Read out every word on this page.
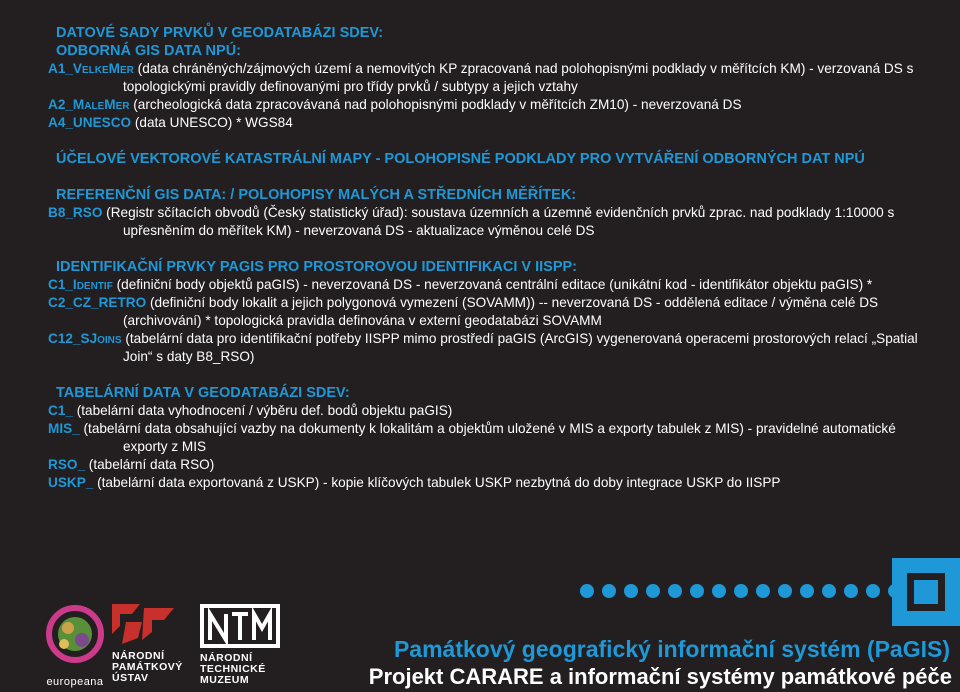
DATOVÉ SADY PRVKŮ V GEODATABÁZI SDEV:
ODBORNÁ GIS DATA NPÚ:
A1_VelkeMer (data chráněných/zájmových území a nemovitých KP zpracovaná nad polohopisnými podklady v měřítcích KM) - verzovaná DS s topologickými pravidly definovanými pro třídy prvků / subtypy a jejich vztahy
A2_MaleMer (archeologická data zpracovávaná nad polohopisnými podklady v měřítcích ZM10) - neverzovaná DS
A4_UNESCO (data UNESCO) * WGS84
ÚČELOVÉ VEKTOROVÉ KATASTRÁLNÍ MAPY - POLOHOPISNÉ PODKLADY PRO VYTVÁŘENÍ ODBORNÝCH DAT NPÚ
REFERENČNÍ GIS DATA: / POLOHOPISY MALÝCH A STŘEDNÍCH MĚŘÍTEK:
B8_RSO (Registr sčítacích obvodů (Český statistický úřad): soustava územních a územně evidenčních prvků zprac. nad podklady 1:10000 s upřesněním do měřítek KM) - neverzovaná DS - aktualizace výměnou celé DS
IDENTIFIKAČNÍ PRVKY PAGIS PRO PROSTOROVOU IDENTIFIKACI V IISPP:
C1_Identif (definiční body objektů paGIS) - neverzovaná DS - neverzovaná centrální editace (unikátní kod - identifikátor objektu paGIS) *
C2_CZ_RETRO (definiční body lokalit a jejich polygonová vymezení (SOVAMM)) -- neverzovaná DS - oddělená editace / výměna celé DS (archivování) * topologická pravidla definována v externí geodatabázi SOVAMM
C12_SJoins (tabelární data pro identifikační potřeby IISPP mimo prostředí paGIS (ArcGIS) vygenerovaná operacemi prostorových relací „Spatial Join“ s daty B8_RSO)
TABELÁRNÍ DATA V GEODATABÁZI SDEV:
C1_ (tabelární data vyhodnocení / výběru def. bodů objektu paGIS)
MIS_ (tabelární data obsahující vazby na dokumenty k lokalitám a objektům uložené v MIS a exporty tabulek z MIS) - pravidelné automatické exporty z MIS
RSO_ (tabelární data RSO)
USKP_ (tabelární data exportovaná z USKP) - kopie klíčových tabulek USKP nezbytná do doby integrace USKP do IISPP
europeana
NÁRODNÍ
PAMÁTKOVÝ
ÚSTAV
NÁRODNÍ
TECHNICKÉ
MUZEUM
Památkový geografický informační systém (PaGIS)
Projekt CARARE a informační systémy památkové péče
